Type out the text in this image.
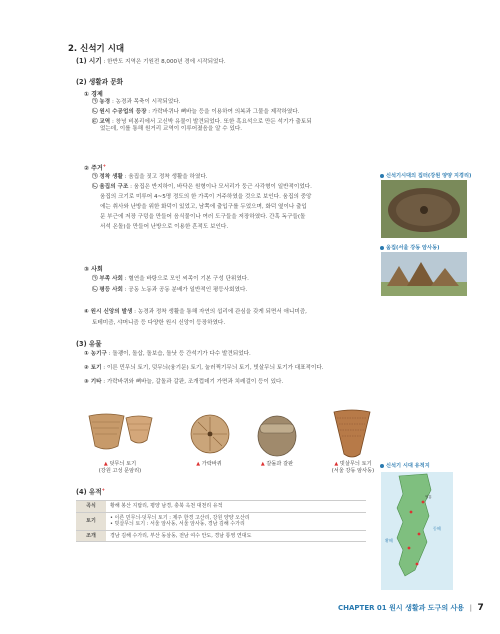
2. 신석기 시대
(1) 시기 : 한반도 지역은 기원전 8,000년 경에 시작되었다.
(2) 생활과 문화
① 경제
㉠ 농경 : 농경과 목축이 시작되었다.
㉡ 원시 수공업의 등장 : 가락바퀴나 뼈바늘 등을 이용하여 의복과 그물을 제작하였다.
㉢ 교역 : 창녕 비봉리에서 고신박 유물이 발견되었다. 또한 흑요석으로 만든 석기가 출토되
었는데, 이를 통해 원거리 교역이 이루어졌음을 알 수 있다.
② 주거+
㉠ 정착 생활 : 움집을 짓고 정착 생활을 하였다.
㉡ 움집의 구조 : 움집은 반지하이, 바닥은 원형이나 모서리가 둥근 사각형이 일반적이었다.
움집의 크기로 미루어 4~5명 정도의 한 가족이 거주하였을 것으로 보인다. 움집의 중앙
에는 취사와 난방을 위한 화덕이 있었고, 남쪽에 출입구를 두었으며, 화덕 옆이나 출입
문 부근에 저장 구덩을 만들어 음식물이나 여러 도구들을 저장하였다. 간혹 독구들(돌
서석 온돌)을 만들어 난방으로 이용한 흔적도 보인다.
③ 사회
㉠ 부족 사회 : 혈연을 바탕으로 모인 씨족이 기본 구성 단위였다.
㉡ 평등 사회 : 공동 노동과 공동 분배가 일반적인 평등사회였다.
④ 원시 신앙의 발생 : 농경과 정착 생활을 통해 자연의 섭리에 관심을 갖게 되면서 애니미즘,
토테미즘, 샤머니즘 등 다양한 원시 신앙이 등장하였다.
(3) 유물
① 농기구 : 돌괭이, 돌삽, 돌보습, 돌낫 등 간석기가 다수 발견되었다.
② 토기 : 이른 민무늬 토기, 덧무늬(융기문) 토기, 눌러찍기무늬 토기, 빗살무늬 토기가 대표적이다.
③ 기타 : 가락바퀴와 뼈바늘, 갈돌과 갈판, 조개껍데기 가면과 치레걸이 등이 있다.
▲ 덧무늬 토기
(강원 고성 문암리)
▲ 가락바퀴	▲ 갈돌과 갈판	▲ 빗살무늬 토기
(서울 강동 암사동)
(4) 유적+
곡식	황해 봉산 지탑리, 평양 남경, 충북 옥천 대천리 유적
토기	• 이른 민무늬·덧무늬 토기 : 제주 한경 고산리, 강원 양양 오산리
• 빗살무늬 토기 : 서울 암사동, 서울 암사동, 경남 김해 수가리

조개	경남 김해 수가리, 부산 동삼동, 전남 여수 안도, 경남 통영 연대도
신석기시대의 집터(강원 양양 지경리)
움집(서울 강동 암사동)
신석기 시대 유적지
동해
황해
영흥
CHAPTER 01 원시 생활과 도구의 사용 | 7
